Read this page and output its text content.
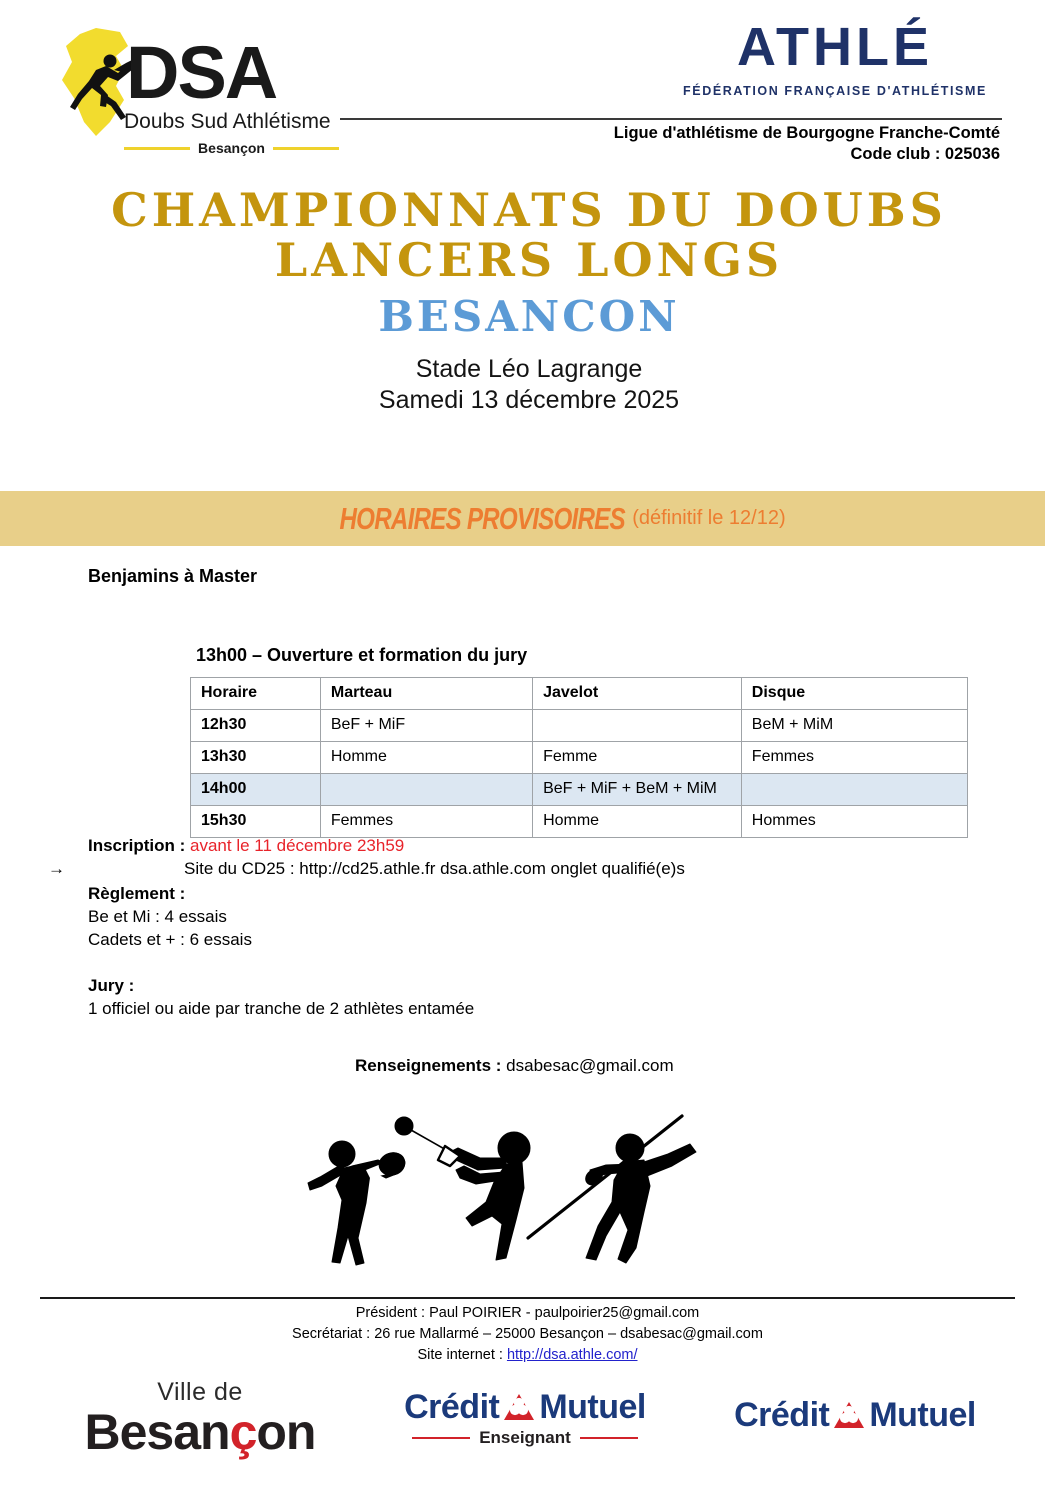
DSA
Doubs Sud Athlétisme
Besançon
ATHLÉ
FÉDÉRATION FRANÇAISE D'ATHLÉTISME
Ligue d'athlétisme de Bourgogne Franche-Comté
Code club : 025036
CHAMPIONNATS DU DOUBS
LANCERS LONGS
BESANCON
Stade Léo Lagrange
Samedi 13 décembre 2025
HORAIRES PROVISOIRES (définitif le 12/12)
Benjamins à Master
13h00 – Ouverture et formation du jury
Horaire	Marteau	Javelot	Disque
12h30	BeF + MiF		BeM + MiM
13h30	Homme	Femme	Femmes
14h00		BeF + MiF + BeM + MiM	
15h30	Femmes	Homme	Hommes
Inscription : avant le 11 décembre 23h59
→	Site du CD25 : http://cd25.athle.fr dsa.athle.com onglet qualifié(e)s
Règlement :
Be et Mi : 4 essais
Cadets et + : 6 essais
Jury :
1 officiel ou aide par tranche de 2 athlètes entamée
Renseignements : dsabesac@gmail.com
Président : Paul POIRIER - paulpoirier25@gmail.com
Secrétariat : 26 rue Mallarmé – 25000 Besançon – dsabesac@gmail.com
Site internet : http://dsa.athle.com/
Ville de
Besançon	Crédit Mutuel
Enseignant
Crédit Mutuel
